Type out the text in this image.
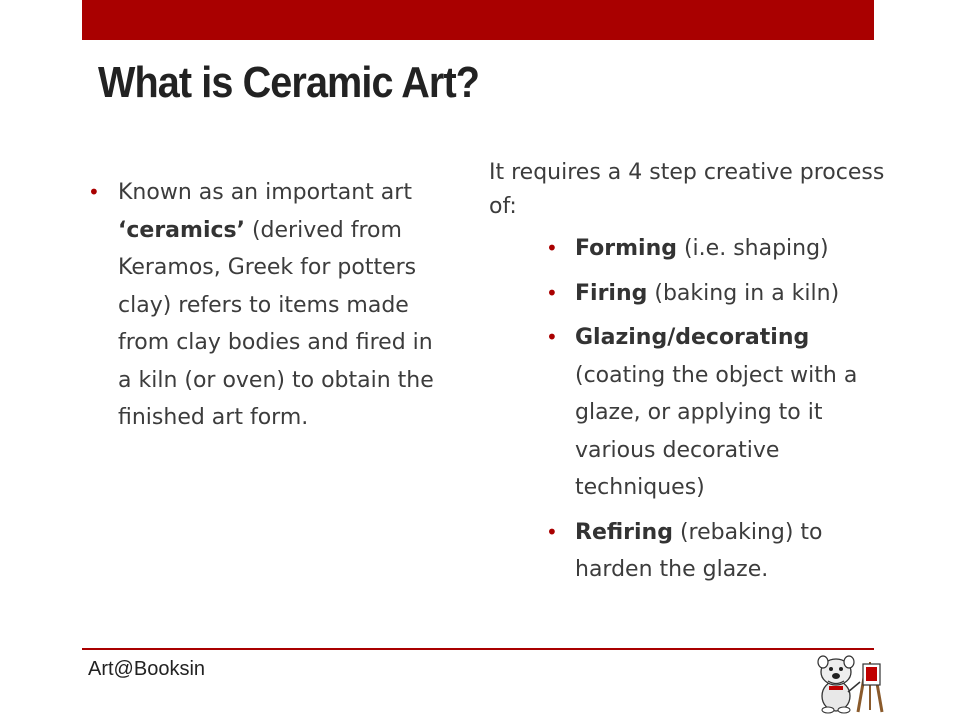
What is Ceramic Art?
• Known as an important art ‘ceramics’ (derived from Keramos, Greek for potters clay) refers to items made from clay bodies and fired in a kiln (or oven) to obtain the finished art form.

It requires a 4 step creative process of:

• Forming (i.e. shaping)
• Firing (baking in a kiln)
• Glazing/decorating (coating the object with a glaze, or applying to it various decorative techniques)
• Refiring (rebaking) to harden the glaze.
Art@Booksin
